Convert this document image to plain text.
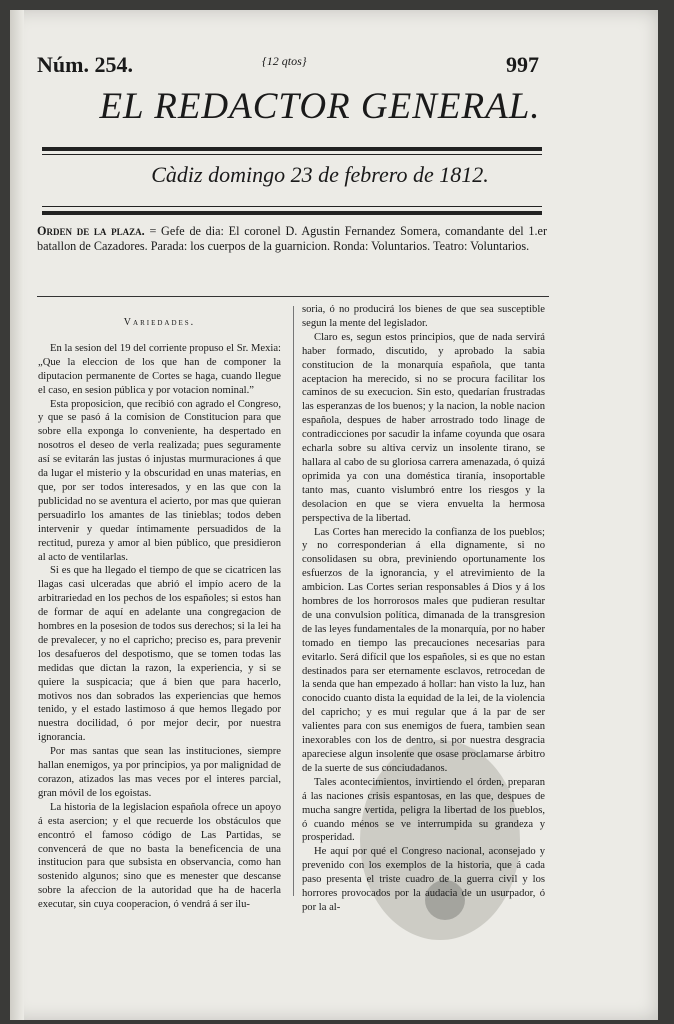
Núm. 254.	{12 qtos}	997
EL REDACTOR GENERAL.
Càdiz domingo 23 de febrero de 1812.
Orden de la plaza. = Gefe de dia: El coronel D. Agustin Fernandez Somera, comandante del 1.er batallon de Cazadores. Parada: los cuerpos de la guarnicion. Ronda: Voluntarios. Teatro: Voluntarios.
Variedades.

En la sesion del 19 del corriente propuso el Sr. Mexia: „Que la eleccion de los que han de componer la diputacion permanente de Cortes se haga, cuando llegue el caso, en sesion pública y por votacion nominal.”

Esta proposicion, que recibió con agrado el Congreso, y que se pasó á la comision de Constitucion para que sobre ella exponga lo conveniente, ha despertado en nosotros el deseo de verla realizada; pues seguramente así se evitarán las justas ó injustas murmuraciones á que da lugar el misterio y la obscuridad en unas materias, en que, por ser todos interesados, y en las que con la publicidad no se aventura el acierto, por mas que quieran persuadirlo los amantes de las tinieblas; todos deben intervenir y quedar íntimamente persuadidos de la rectitud, pureza y amor al bien público, que presidieron al acto de ventilarlas.

Si es que ha llegado el tiempo de que se cicatricen las llagas casi ulceradas que abrió el impío acero de la arbitrariedad en los pechos de los españoles; si estos han de formar de aquí en adelante una congregacion de hombres en la posesion de todos sus derechos; si la lei ha de prevalecer, y no el capricho; preciso es, para prevenir los desafueros del despotismo, que se tomen todas las medidas que dictan la razon, la experiencia, y si se quiere la suspicacia; que á bien que para hacerlo, motivos nos dan sobrados las experiencias que hemos tenido, y el estado lastimoso á que hemos llegado por nuestra docilidad, ó por mejor decir, por nuestra ignorancia.

Por mas santas que sean las instituciones, siempre hallan enemigos, ya por principios, ya por malignidad de corazon, atizados las mas veces por el interes parcial, gran móvil de los egoistas.

La historia de la legislacion española ofrece un apoyo á esta asercion; y el que recuerde los obstáculos que encontró el famoso código de Las Partidas, se convencerá de que no basta la beneficencia de una institucion para que subsista en observancia, como han sostenido algunos; sino que es menester que descanse sobre la afeccion de la autoridad que ha de hacerla executar, sin cuya cooperacion, ó vendrá á ser ilu-

soria, ó no producirá los bienes de que sea susceptible segun la mente del legislador.

Claro es, segun estos principios, que de nada servirá haber formado, discutido, y aprobado la sabia constitucion de la monarquía española, que tanta aceptacion ha merecido, si no se procura facilitar los caminos de su execucion. Sin esto, quedarían frustradas las esperanzas de los buenos; y la nacion, la noble nacion española, despues de haber arrostrado todo linage de contradicciones por sacudir la infame coyunda que osara echarla sobre su altiva cerviz un insolente tirano, se hallara al cabo de su gloriosa carrera amenazada, ó quizá oprimida ya con una doméstica tiranía, insoportable tanto mas, cuanto vislumbró entre los riesgos y la desolacion en que se viera envuelta la hermosa perspectiva de la libertad.

Las Cortes han merecido la confianza de los pueblos; y no corresponderian á ella dignamente, si no consolidasen su obra, previniendo oportunamente los esfuerzos de la ignorancia, y el atrevimiento de la ambicion. Las Cortes serian responsables á Dios y á los hombres de los horrorosos males que pudieran resultar de una convulsion política, dimanada de la transgresion de las leyes fundamentales de la monarquía, por no haber tomado en tiempo las precauciones necesarias para evitarlo. Será difícil que los españoles, si es que no estan destinados para ser eternamente esclavos, retrocedan de la senda que han empezado á hollar: han visto la luz, han conocido cuanto dista la equidad de la lei, de la violencia del capricho; y es mui regular que á la par de ser valientes para con sus enemigos de fuera, tambien sean inexorables con los de dentro, si por nuestra desgracia apareciese algun insolente que osase proclamarse árbitro de la suerte de sus conciudadanos.

Tales acontecimientos, invirtiendo el órden, preparan á las naciones crisis espantosas, en las que, despues de mucha sangre vertida, peligra la libertad de los pueblos, ó cuando ménos se ve interrumpida su grandeza y prosperidad.

He aquí por qué el Congreso nacional, aconsejado y prevenido con los exemplos de la historia, que á cada paso presenta el triste cuadro de la guerra civil y los horrores provocados por la audacia de un usurpador, ó por la al-
